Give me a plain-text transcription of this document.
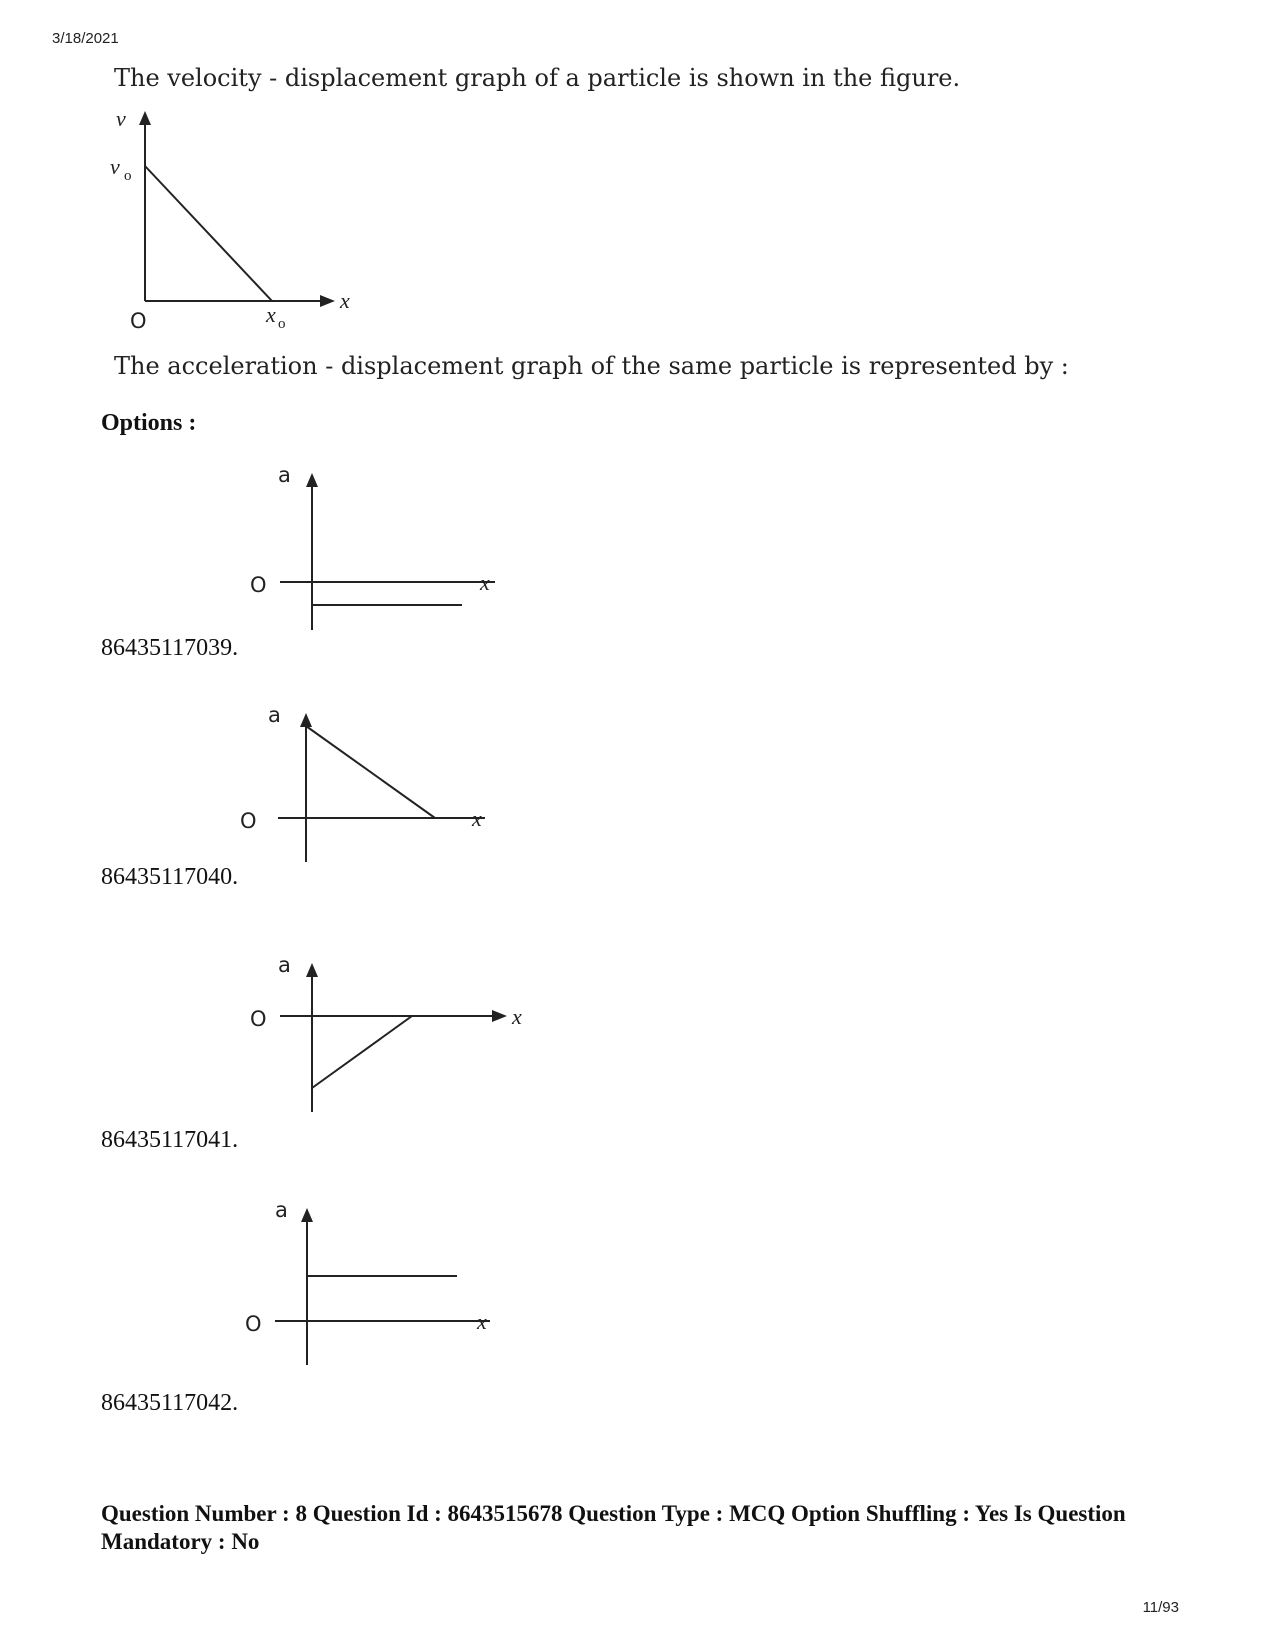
3/18/2021
The velocity - displacement graph of a particle is shown in the figure.
v
v o
O	x o
x
The acceleration - displacement graph of the same particle is represented by :
Options :
a
O	x
86435117039.
a
O	x
86435117040.
a
O	x
86435117041.
a
O	x
86435117042.
Question Number : 8 Question Id : 8643515678 Question Type : MCQ Option Shuffling : Yes Is Question Mandatory : No
11/93
